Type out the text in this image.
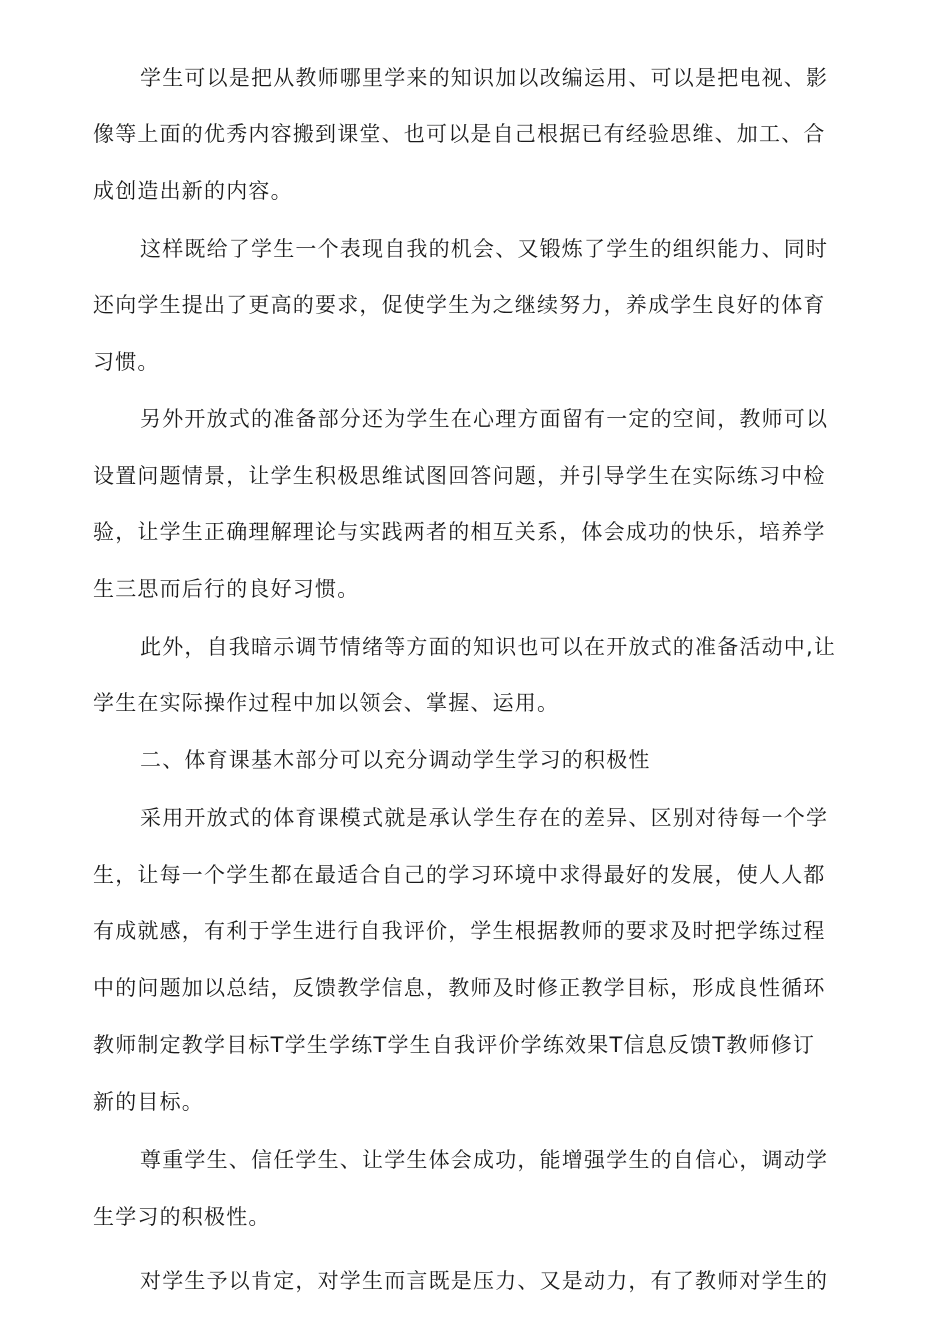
学生可以是把从教师哪里学来的知识加以改编运用、可以是把电视、影
像等上面的优秀内容搬到课堂、也可以是自己根据已有经验思维、加工、合
成创造出新的内容。
这样既给了学生一个表现自我的机会、又锻炼了学生的组织能力、同时
还向学生提出了更高的要求，促使学生为之继续努力，养成学生良好的体育
习惯。
另外开放式的准备部分还为学生在心理方面留有一定的空间，教师可以
设置问题情景，让学生积极思维试图回答问题，并引导学生在实际练习中检
验，让学生正确理解理论与实践两者的相互关系，体会成功的快乐，培养学
生三思而后行的良好习惯。
此外，自我暗示调节情绪等方面的知识也可以在开放式的准备活动中,让
学生在实际操作过程中加以领会、掌握、运用。
二、体育课基木部分可以充分调动学生学习的积极性
采用开放式的体育课模式就是承认学生存在的差异、区别对待每一个学
生，让每一个学生都在最适合自己的学习环境中求得最好的发展，使人人都
有成就感，有利于学生进行自我评价，学生根据教师的要求及时把学练过程
中的问题加以总结，反馈教学信息，教师及时修正教学目标，形成良性循环
教师制定教学目标T学生学练T学生自我评价学练效果T信息反馈T教师修订
新的目标。
尊重学生、信任学生、让学生体会成功，能增强学生的自信心，调动学
生学习的积极性。
对学生予以肯定，对学生而言既是压力、又是动力，有了教师对学生的
